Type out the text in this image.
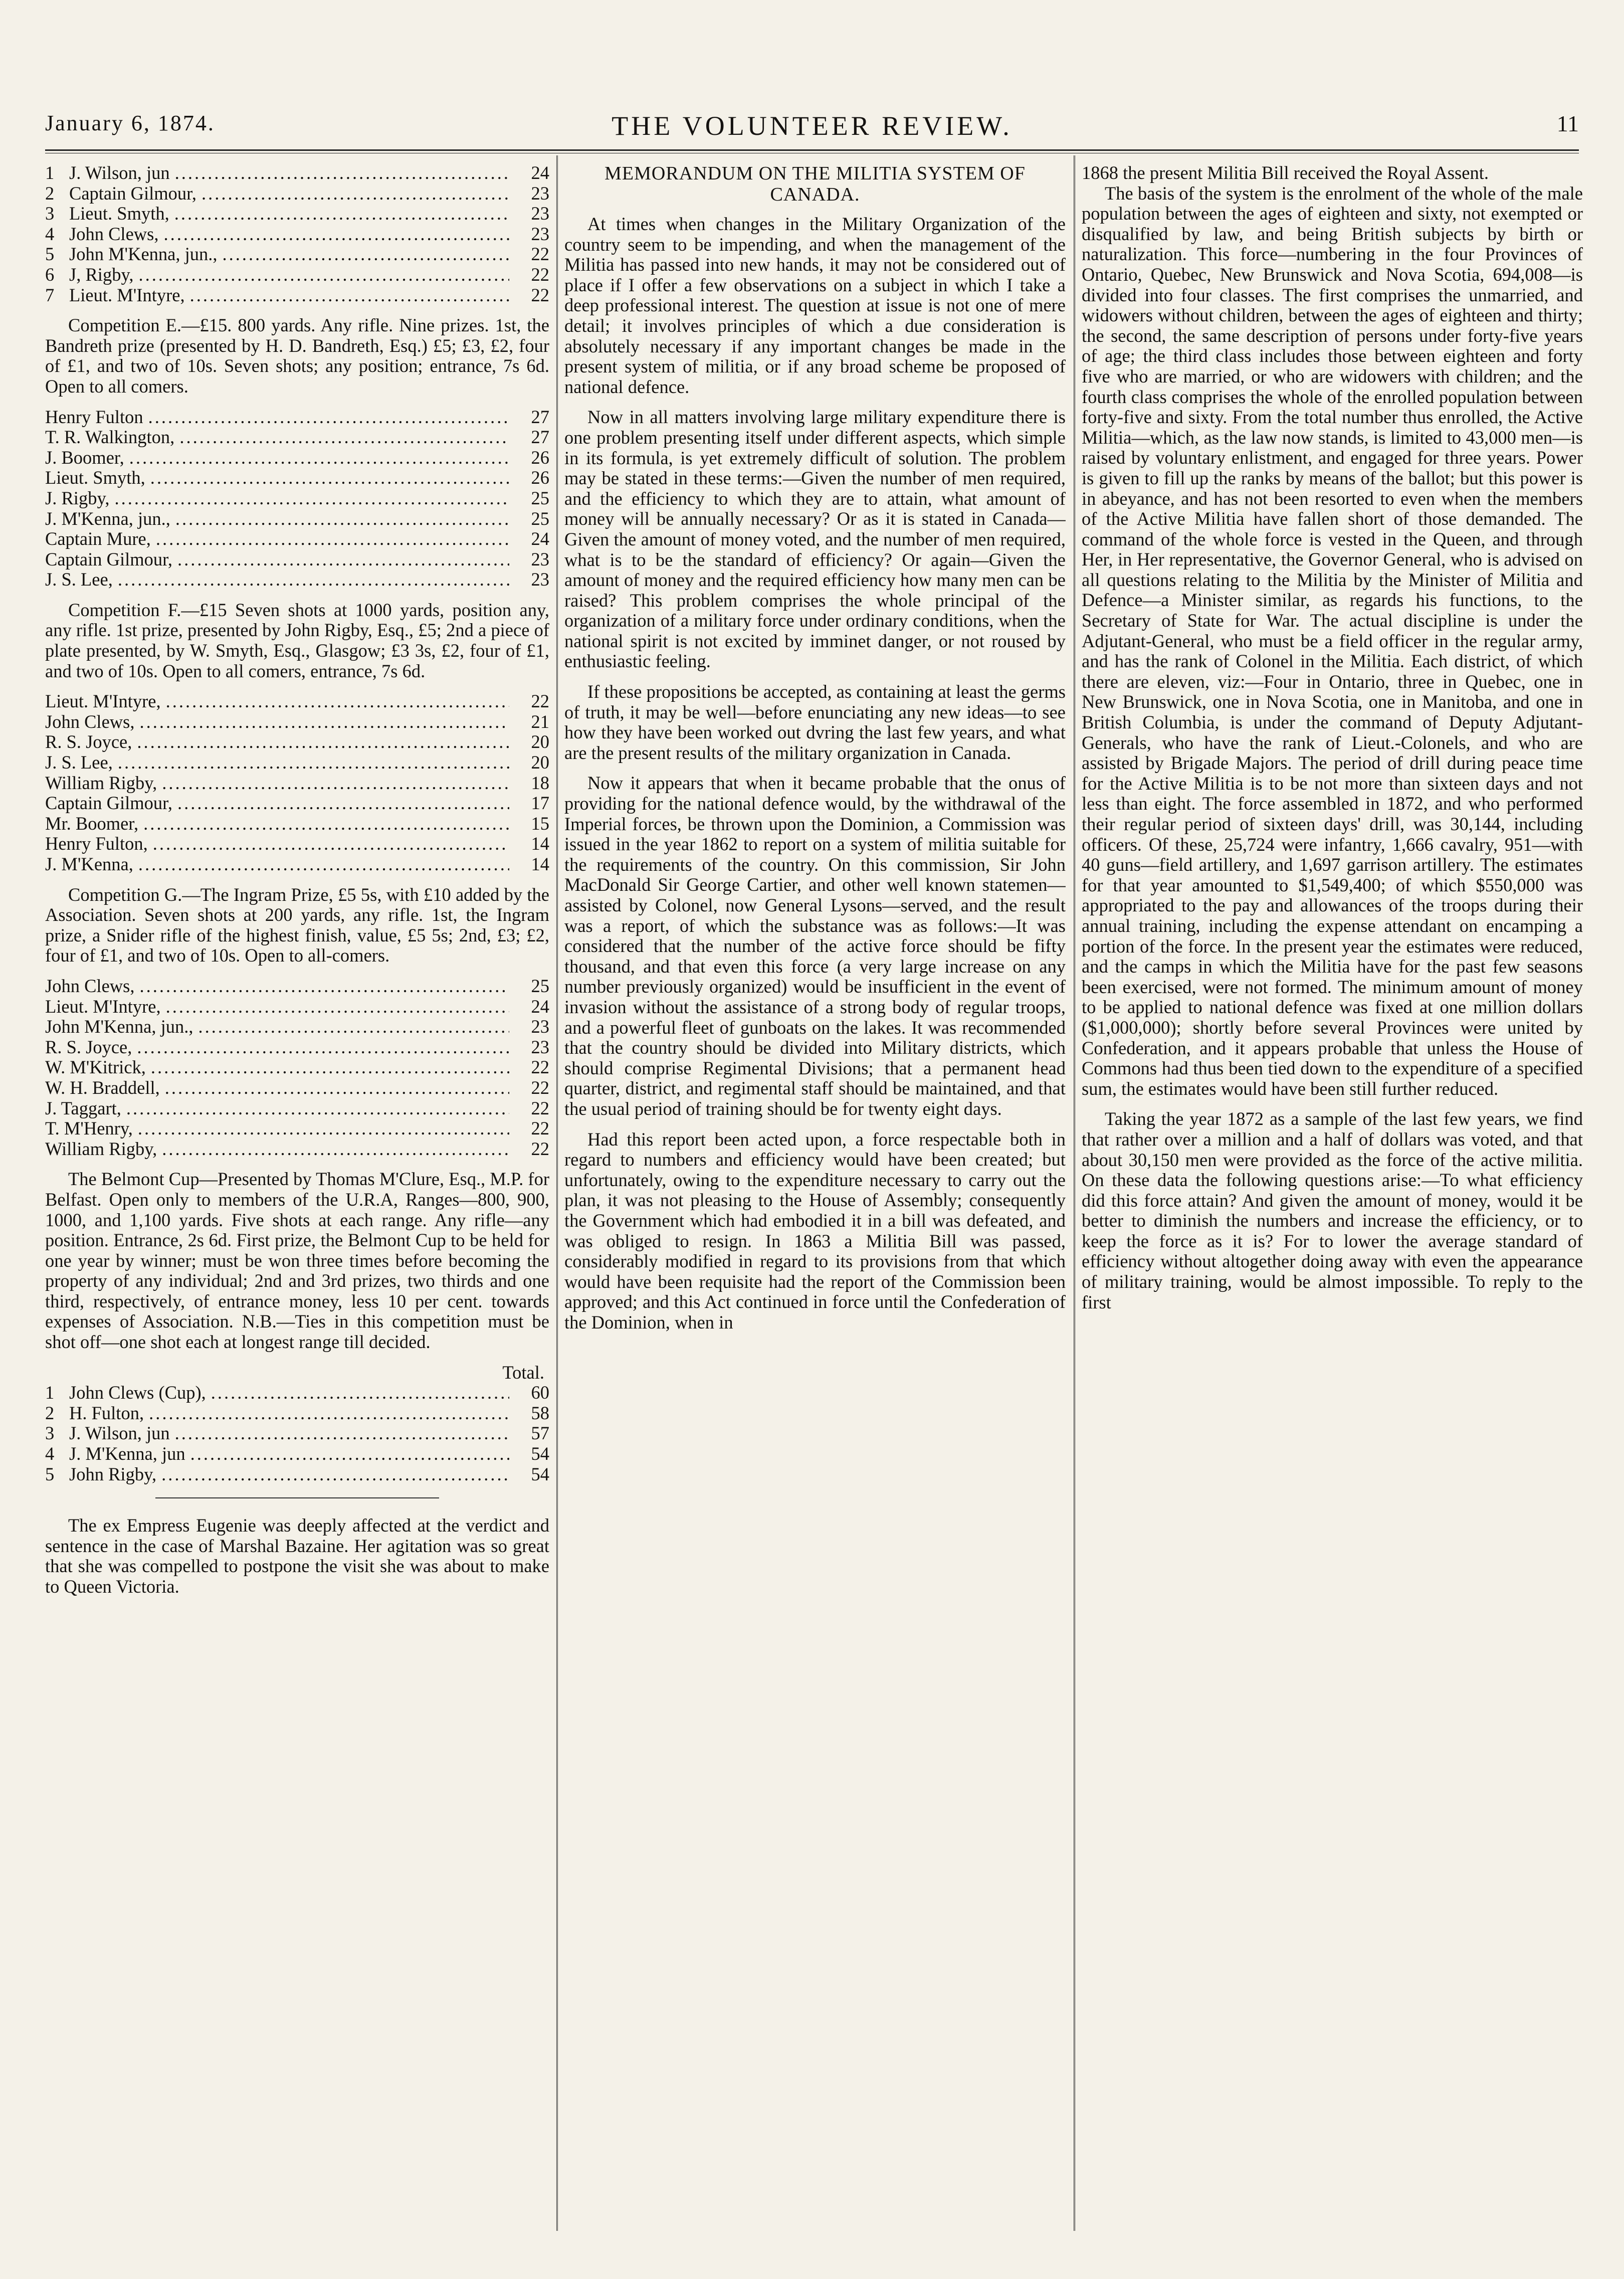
January 6, 1874.	THE VOLUNTEER REVIEW.	11
1 J. Wilson, jun .....	24
2 Captain Gilmour, .....	23
3 Lieut. Smyth, .....	23
4 John Clews, .....	23
5 John M'Kenna, jun., .....	22
6 J, Rigby, .....	22
7 Lieut. M'Intyre, .....	22

Competition E.—£15. 800 yards. Any rifle. Nine prizes. 1st, the Bandreth prize (presented by H. D. Bandreth, Esq.) £5; £3, £2, four of £1, and two of 10s. Seven shots; any position; entrance, 7s 6d. Open to all comers.

Henry Fulton .....	27
T. R. Walkington, .....	27
J. Boomer, .....	26
Lieut. Smyth, .....	26
J. Rigby, .....	25
J. M'Kenna, jun., .....	25
Captain Mure, .....	24
Captain Gilmour, .....	23
J. S. Lee, .....	23

Competition F.—£15 Seven shots at 1000 yards, position any, any rifle. 1st prize, presented by John Rigby, Esq., £5; 2nd a piece of plate presented, by W. Smyth, Esq., Glasgow; £3 3s, £2, four of £1, and two of 10s. Open to all comers, entrance, 7s 6d.

Lieut. M'Intyre, .....	22
John Clews, .....	21
R. S. Joyce, .....	20
J. S. Lee, .....	20
William Rigby, .....	18
Captain Gilmour, .....	17
Mr. Boomer, .....	15
Henry Fulton, .....	14
J. M'Kenna, .....	14

Competition G.—The Ingram Prize, £5 5s, with £10 added by the Association. Seven shots at 200 yards, any rifle. 1st, the Ingram prize, a Snider rifle of the highest finish, value, £5 5s; 2nd, £3; £2, four of £1, and two of 10s. Open to all-comers.

John Clews, .....	25
Lieut. M'Intyre, .....	24
John M'Kenna, jun., .....	23
R. S. Joyce, .....	23
W. M'Kitrick, .....	22
W. H. Braddell, .....	22
J. Taggart, .....	22
T. M'Henry, .....	22
William Rigby, .....	22

The Belmont Cup—Presented by Thomas M'Clure, Esq., M.P. for Belfast. Open only to members of the U.R.A, Ranges—800, 900, 1000, and 1,100 yards. Five shots at each range. Any rifle—any position. Entrance, 2s 6d. First prize, the Belmont Cup to be held for one year by winner; must be won three times before becoming the property of any individual; 2nd and 3rd prizes, two thirds and one third, respectively, of entrance money, less 10 per cent. towards expenses of Association. N.B.—Ties in this competition must be shot off—one shot each at longest range till decided.

Total.
1 John Clews (Cup), .....	60
2 H. Fulton, .....	58
3 J. Wilson, jun .....	57
4 J. M'Kenna, jun .....	54
5 John Rigby, .....	54

The ex Empress Eugenie was deeply affected at the verdict and sentence in the case of Marshal Bazaine. Her agitation was so great that she was compelled to postpone the visit she was about to make to Queen Victoria.

MEMORANDUM ON THE MILITIA SYSTEM OF CANADA.

At times when changes in the Military Organization of the country seem to be impending, and when the management of the Militia has passed into new hands, it may not be considered out of place if I offer a few observations on a subject in which I take a deep professional interest. The question at issue is not one of mere detail; it involves principles of which a due consideration is absolutely necessary if any important changes be made in the present system of militia, or if any broad scheme be proposed of national defence.

Now in all matters involving large military expenditure there is one problem presenting itself under different aspects, which simple in its formula, is yet extremely difficult of solution. The problem may be stated in these terms:—Given the number of men required, and the efficiency to which they are to attain, what amount of money will be annually necessary? Or as it is stated in Canada—Given the amount of money voted, and the number of men required, what is to be the standard of efficiency? Or again—Given the amount of money and the required efficiency how many men can be raised? This problem comprises the whole principal of the organization of a military force under ordinary conditions, when the national spirit is not excited by imminet danger, or not roused by enthusiastic feeling.

If these propositions be accepted, as containing at least the germs of truth, it may be well—before enunciating any new ideas—to see how they have been worked out dvring the last few years, and what are the present results of the military organization in Canada.

Now it appears that when it became probable that the onus of providing for the national defence would, by the withdrawal of the Imperial forces, be thrown upon the Dominion, a Commission was issued in the year 1862 to report on a system of militia suitable for the requirements of the country. On this commission, Sir John MacDonald Sir George Cartier, and other well known statemen—assisted by Colonel, now General Lysons—served, and the result was a report, of which the substance was as follows:—It was considered that the number of the active force should be fifty thousand, and that even this force (a very large increase on any number previously organized) would be insufficient in the event of invasion without the assistance of a strong body of regular troops, and a powerful fleet of gunboats on the lakes. It was recommended that the country should be divided into Military districts, which should comprise Regimental Divisions; that a permanent head quarter, district, and regimental staff should be maintained, and that the usual period of training should be for twenty eight days.

Had this report been acted upon, a force respectable both in regard to numbers and efficiency would have been created; but unfortunately, owing to the expenditure necessary to carry out the plan, it was not pleasing to the House of Assembly; consequently the Government which had embodied it in a bill was defeated, and was obliged to resign. In 1863 a Militia Bill was passed, considerably modified in regard to its provisions from that which would have been requisite had the report of the Commission been approved; and this Act continued in force until the Confederation of the Dominion, when in

1868 the present Militia Bill received the Royal Assent.

The basis of the system is the enrolment of the whole of the male population between the ages of eighteen and sixty, not exempted or disqualified by law, and being British subjects by birth or naturalization. This force—numbering in the four Provinces of Ontario, Quebec, New Brunswick and Nova Scotia, 694,008—is divided into four classes. The first comprises the unmarried, and widowers without children, between the ages of eighteen and thirty; the second, the same description of persons under forty-five years of age; the third class includes those between eighteen and forty five who are married, or who are widowers with children; and the fourth class comprises the whole of the enrolled population between forty-five and sixty. From the total number thus enrolled, the Active Militia—which, as the law now stands, is limited to 43,000 men—is raised by voluntary enlistment, and engaged for three years. Power is given to fill up the ranks by means of the ballot; but this power is in abeyance, and has not been resorted to even when the members of the Active Militia have fallen short of those demanded. The command of the whole force is vested in the Queen, and through Her, in Her representative, the Governor General, who is advised on all questions relating to the Militia by the Minister of Militia and Defence—a Minister similar, as regards his functions, to the Secretary of State for War. The actual discipline is under the Adjutant-General, who must be a field officer in the regular army, and has the rank of Colonel in the Militia. Each district, of which there are eleven, viz:—Four in Ontario, three in Quebec, one in New Brunswick, one in Nova Scotia, one in Manitoba, and one in British Columbia, is under the command of Deputy Adjutant-Generals, who have the rank of Lieut.-Colonels, and who are assisted by Brigade Majors. The period of drill during peace time for the Active Militia is to be not more than sixteen days and not less than eight. The force assembled in 1872, and who performed their regular period of sixteen days' drill, was 30,144, including officers. Of these, 25,724 were infantry, 1,666 cavalry, 951—with 40 guns—field artillery, and 1,697 garrison artillery. The estimates for that year amounted to $1,549,400; of which $550,000 was appropriated to the pay and allowances of the troops during their annual training, including the expense attendant on encamping a portion of the force. In the present year the estimates were reduced, and the camps in which the Militia have for the past few seasons been exercised, were not formed. The minimum amount of money to be applied to national defence was fixed at one million dollars ($1,000,000); shortly before several Provinces were united by Confederation, and it appears probable that unless the House of Commons had thus been tied down to the expenditure of a specified sum, the estimates would have been still further reduced.

Taking the year 1872 as a sample of the last few years, we find that rather over a million and a half of dollars was voted, and that about 30,150 men were provided as the force of the active militia. On these data the following questions arise:—To what efficiency did this force attain? And given the amount of money, would it be better to diminish the numbers and increase the efficiency, or to keep the force as it is? For to lower the average standard of efficiency without altogether doing away with even the appearance of military training, would be almost impossible. To reply to the first
